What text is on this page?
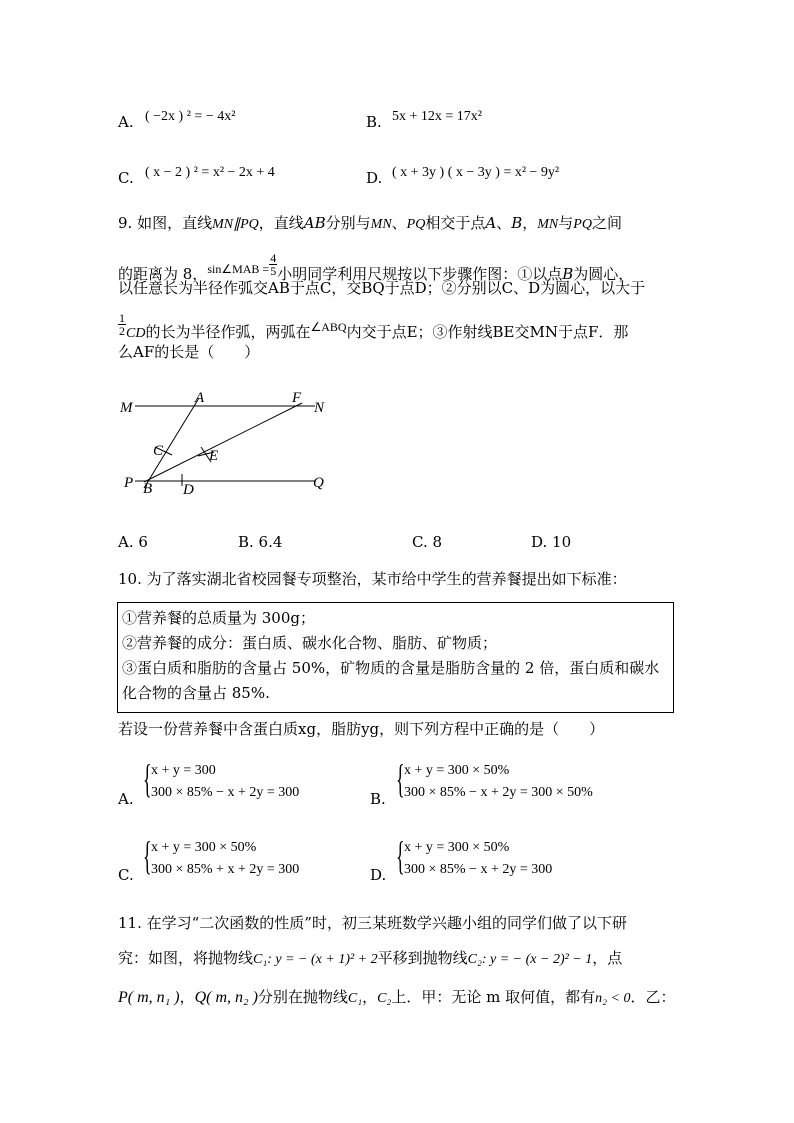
A. ( −2x ) ² = − 4x²	B. 5x + 12x = 17x²
C. ( x − 2 ) ² = x² − 2x + 4	D. ( x + 3y ) ( x − 3y ) = x² − 9y²
9. 如图，直线MN∥PQ，直线AB分别与MN、PQ相交于点A、B，MN与PQ之间
的距离为 8，$^{sin\angle MAB =} \frac{4}{5}$ 小明同学利用尺规按以下步骤作图：①以点B为圆心，
以任意长为半径作弧交AB于点C，交BQ于点D；②分别以C、D为圆心，以大于
$\frac{1}{2}$ CD的长为半径作弧，两弧在$^{\angle ABQ}$内交于点E；③作射线BE交MN于点F．那
么AF的长是（　　）
M
A	F
N
C	E
P B D	Q
A. 6	B. 6.4	C. 8	D. 10
10. 为了落实湖北省校园餐专项整治，某市给中学生的营养餐提出如下标准：
①营养餐的总质量为 300g；
②营养餐的成分：蛋白质、碳水化合物、脂肪、矿物质；
③蛋白质和脂肪的含量占 50%，矿物质的含量是脂肪含量的 2 倍，蛋白质和碳水
化合物的含量占 85%.
若设一份营养餐中含蛋白质xg，脂肪yg，则下列方程中正确的是（　　）
A. { x + y = 300
300 × 85% − x + 2y = 300	B. { x + y = 300 × 50%
300 × 85% − x + 2y = 300 × 50%
C. { x + y = 300 × 50%
300 × 85% + x + 2y = 300	D. { x + y = 300 × 50%
300 × 85% − x + 2y = 300
11. 在学习“二次函数的性质”时，初三某班数学兴趣小组的同学们做了以下研
究：如图，将抛物线C₁: y = − (x + 1)² + 2平移到抛物线C₂: y = − (x − 2)² − 1，点
P( m, n₁ )，Q( m, n₂ )分别在抛物线C₁，C₂上．甲：无论 m 取何值，都有n₂ < 0．乙：
